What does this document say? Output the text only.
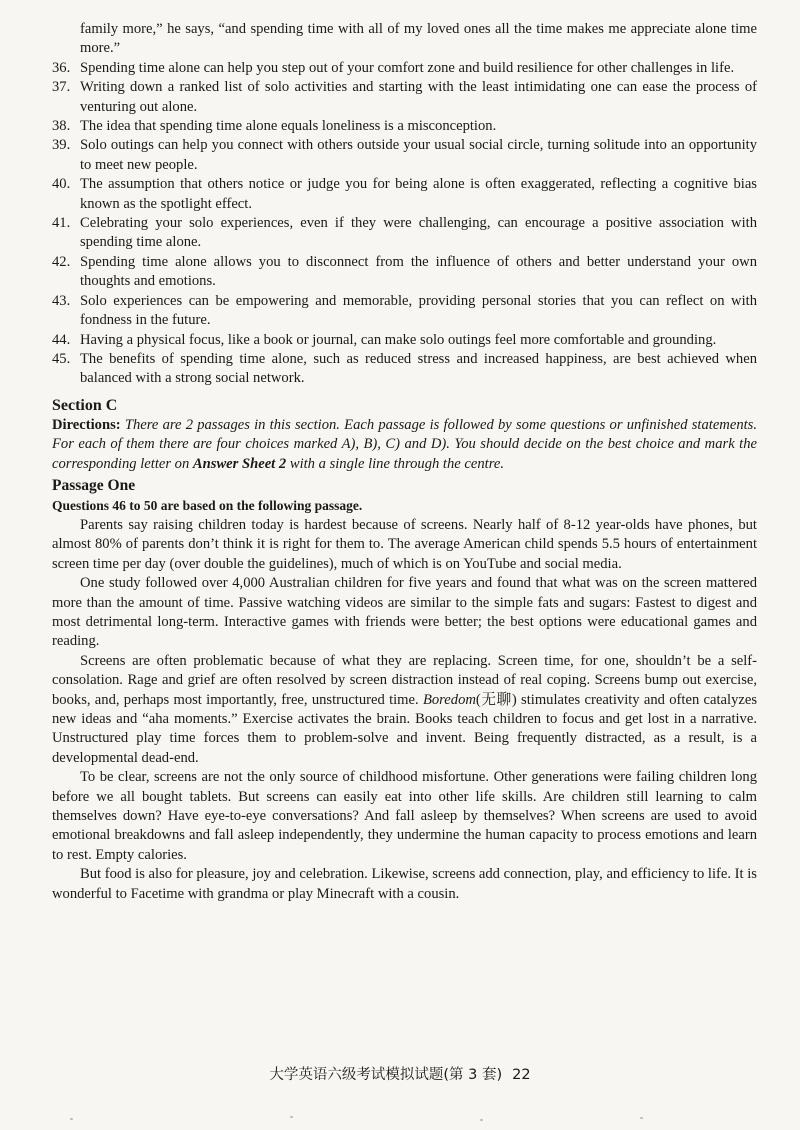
family more,” he says, “and spending time with all of my loved ones all the time makes me appreciate alone time more.”
36. Spending time alone can help you step out of your comfort zone and build resilience for other challenges in life.
37. Writing down a ranked list of solo activities and starting with the least intimidating one can ease the process of venturing out alone.
38. The idea that spending time alone equals loneliness is a misconception.
39. Solo outings can help you connect with others outside your usual social circle, turning solitude into an opportunity to meet new people.
40. The assumption that others notice or judge you for being alone is often exaggerated, reflecting a cognitive bias known as the spotlight effect.
41. Celebrating your solo experiences, even if they were challenging, can encourage a positive association with spending time alone.
42. Spending time alone allows you to disconnect from the influence of others and better understand your own thoughts and emotions.
43. Solo experiences can be empowering and memorable, providing personal stories that you can reflect on with fondness in the future.
44. Having a physical focus, like a book or journal, can make solo outings feel more comfortable and grounding.
45. The benefits of spending time alone, such as reduced stress and increased happiness, are best achieved when balanced with a strong social network.
Section C
Directions: There are 2 passages in this section. Each passage is followed by some questions or unfinished statements. For each of them there are four choices marked A), B), C) and D). You should decide on the best choice and mark the corresponding letter on Answer Sheet 2 with a single line through the centre.
Passage One
Questions 46 to 50 are based on the following passage.
Parents say raising children today is hardest because of screens. Nearly half of 8-12 year-olds have phones, but almost 80% of parents don’t think it is right for them to. The average American child spends 5.5 hours of entertainment screen time per day (over double the guidelines), much of which is on YouTube and social media.
One study followed over 4,000 Australian children for five years and found that what was on the screen mattered more than the amount of time. Passive watching videos are similar to the simple fats and sugars: Fastest to digest and most detrimental long-term. Interactive games with friends were better; the best options were educational games and reading.
Screens are often problematic because of what they are replacing. Screen time, for one, shouldn’t be a self-consolation. Rage and grief are often resolved by screen distraction instead of real coping. Screens bump out exercise, books, and, perhaps most importantly, free, unstructured time. Boredom(无聊) stimulates creativity and often catalyzes new ideas and “aha moments.” Exercise activates the brain. Books teach children to focus and get lost in a narrative. Unstructured play time forces them to problem-solve and invent. Being frequently distracted, as a result, is a developmental dead-end.
To be clear, screens are not the only source of childhood misfortune. Other generations were failing children long before we all bought tablets. But screens can easily eat into other life skills. Are children still learning to calm themselves down? Have eye-to-eye conversations? And fall asleep by themselves? When screens are used to avoid emotional breakdowns and fall asleep independently, they undermine the human capacity to process emotions and learn to rest. Empty calories.
But food is also for pleasure, joy and celebration. Likewise, screens add connection, play, and efficiency to life. It is wonderful to Facetime with grandma or play Minecraft with a cousin.
大学英语六级考试模拟试题(第 3 套) 22
